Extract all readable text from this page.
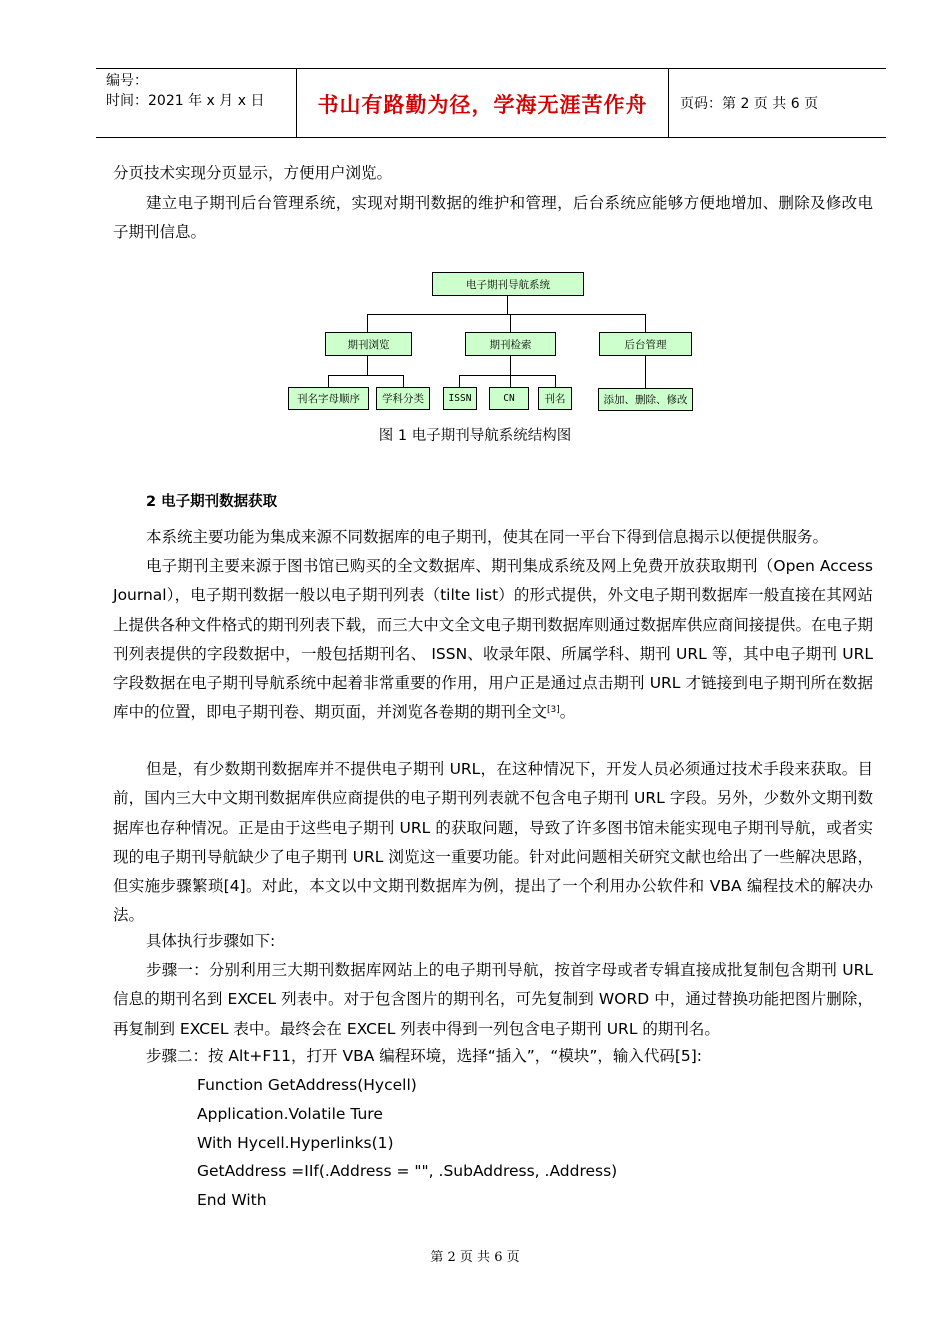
编号：
时间：2021 年 x 月 x 日	书山有路勤为径，学海无涯苦作舟	页码：第 2 页 共 6 页
分页技术实现分页显示，方便用户浏览。
建立电子期刊后台管理系统，实现对期刊数据的维护和管理，后台系统应能够方便地增加、删除及修改电子期刊信息。
电子期刊导航系统
期刊浏览	期刊检索	后台管理
刊名字母顺序	学科分类	ISSN	CN	刊名	添加、删除、修改
图 1 电子期刊导航系统结构图
2 电子期刊数据获取
本系统主要功能为集成来源不同数据库的电子期刊，使其在同一平台下得到信息揭示以便提供服务。
电子期刊主要来源于图书馆已购买的全文数据库、期刊集成系统及网上免费开放获取期刊（Open Access Journal），电子期刊数据一般以电子期刊列表（tilte list）的形式提供，外文电子期刊数据库一般直接在其网站上提供各种文件格式的期刊列表下载，而三大中文全文电子期刊数据库则通过数据库供应商间接提供。在电子期刊列表提供的字段数据中，一般包括期刊名、 ISSN、收录年限、所属学科、期刊 URL 等，其中电子期刊 URL 字段数据在电子期刊导航系统中起着非常重要的作用，用户正是通过点击期刊 URL 才链接到电子期刊所在数据库中的位置，即电子期刊卷、期页面，并浏览各卷期的期刊全文[3]。
但是，有少数期刊数据库并不提供电子期刊 URL，在这种情况下，开发人员必须通过技术手段来获取。目前，国内三大中文期刊数据库供应商提供的电子期刊列表就不包含电子期刊 URL 字段。另外，少数外文期刊数据库也存种情况。正是由于这些电子期刊 URL 的获取问题，导致了许多图书馆未能实现电子期刊导航，或者实现的电子期刊导航缺少了电子期刊 URL 浏览这一重要功能。针对此问题相关研究文献也给出了一些解决思路，但实施步骤繁琐[4]。对此，本文以中文期刊数据库为例，提出了一个利用办公软件和 VBA 编程技术的解决办法。
具体执行步骤如下:
步骤一：分别利用三大期刊数据库网站上的电子期刊导航，按首字母或者专辑直接成批复制包含期刊 URL 信息的期刊名到 EXCEL 列表中。对于包含图片的期刊名，可先复制到 WORD 中，通过替换功能把图片删除，再复制到 EXCEL 表中。最终会在 EXCEL 列表中得到一列包含电子期刊 URL 的期刊名。
步骤二：按 Alt+F11，打开 VBA 编程环境，选择“插入”，“模块”，输入代码[5]:
Function GetAddress(Hycell)
Application.Volatile Ture
With Hycell.Hyperlinks(1)
GetAddress =IIf(.Address = "", .SubAddress, .Address)
End With
第 2 页 共 6 页
